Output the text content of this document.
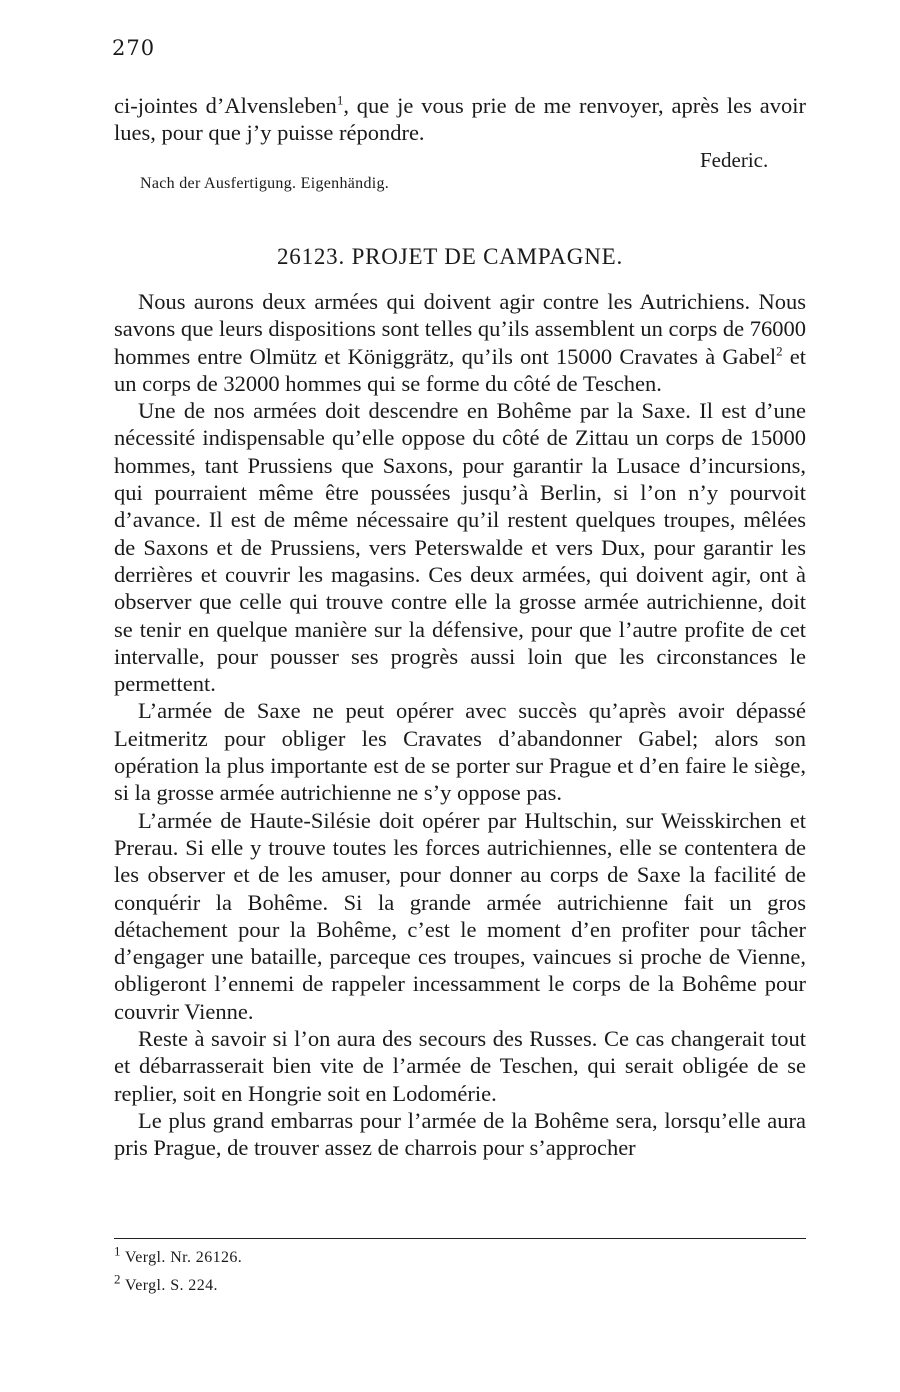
270

ci-jointes d’Alvensleben$^1$, que je vous prie de me renvoyer, après les avoir lues, pour que j’y puisse répondre.

Federic.
Nach der Ausfertigung. Eigenhändig.
26123. PROJET DE CAMPAGNE.

Nous aurons deux armées qui doivent agir contre les Autrichiens. Nous savons que leurs dispositions sont telles qu’ils assemblent un corps de 76000 hommes entre Olmütz et Königgrätz, qu’ils ont 15000 Cravates à Gabel$^2$ et un corps de 32000 hommes qui se forme du côté de Teschen.

Une de nos armées doit descendre en Bohême par la Saxe. Il est d’une nécessité indispensable qu’elle oppose du côté de Zittau un corps de 15000 hommes, tant Prussiens que Saxons, pour garantir la Lusace d’incursions, qui pourraient même être poussées jusqu’à Berlin, si l’on n’y pourvoit d’avance. Il est de même nécessaire qu’il restent quelques troupes, mêlées de Saxons et de Prussiens, vers Peterswalde et vers Dux, pour garantir les derrières et couvrir les magasins. Ces deux armées, qui doivent agir, ont à observer que celle qui trouve contre elle la grosse armée autrichienne, doit se tenir en quelque manière sur la défensive, pour que l’autre profite de cet intervalle, pour pousser ses progrès aussi loin que les circonstances le permettent.

L’armée de Saxe ne peut opérer avec succès qu’après avoir dépassé Leitmeritz pour obliger les Cravates d’abandonner Gabel; alors son opération la plus importante est de se porter sur Prague et d’en faire le siège, si la grosse armée autrichienne ne s’y oppose pas.

L’armée de Haute-Silésie doit opérer par Hultschin, sur Weisskirchen et Prerau. Si elle y trouve toutes les forces autrichiennes, elle se contentera de les observer et de les amuser, pour donner au corps de Saxe la facilité de conquérir la Bohême. Si la grande armée autrichienne fait un gros détachement pour la Bohême, c’est le moment d’en profiter pour tâcher d’engager une bataille, parceque ces troupes, vaincues si proche de Vienne, obligeront l’ennemi de rappeler incessamment le corps de la Bohême pour couvrir Vienne.

Reste à savoir si l’on aura des secours des Russes. Ce cas changerait tout et débarrasserait bien vite de l’armée de Teschen, qui serait obligée de se replier, soit en Hongrie soit en Lodomérie.

Le plus grand embarras pour l’armée de la Bohême sera, lorsqu’elle aura pris Prague, de trouver assez de charrois pour s’approcher

$^1$ Vergl. Nr. 26126.

$^2$ Vergl. S. 224.
